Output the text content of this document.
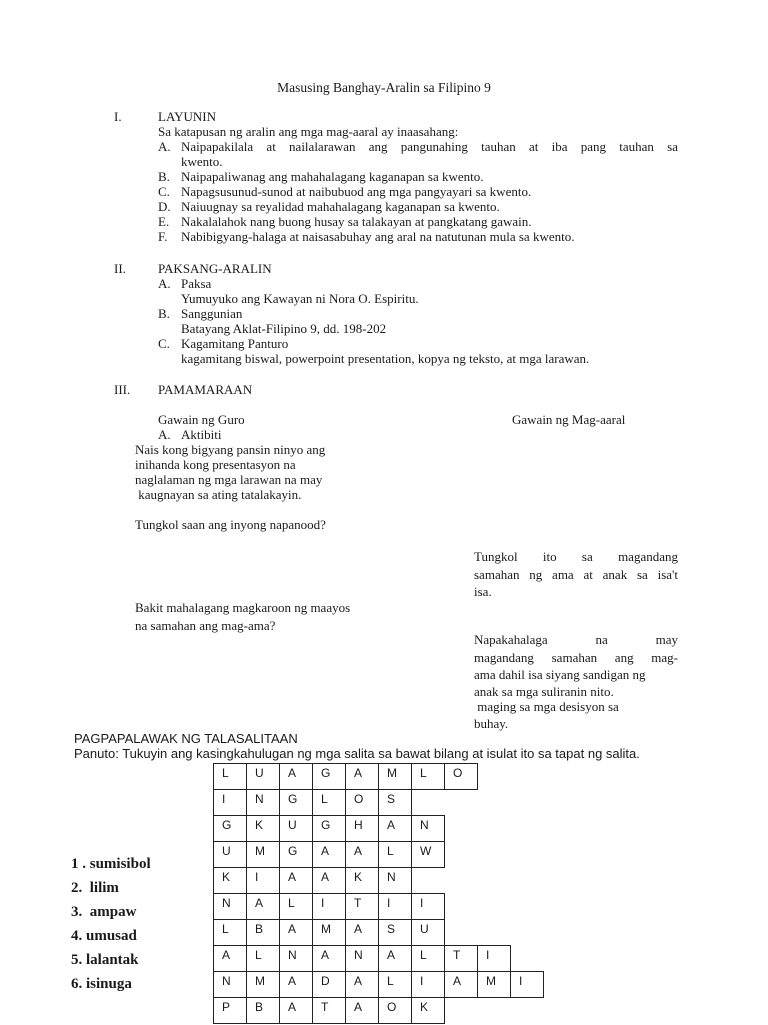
Masusing Banghay-Aralin sa Filipino 9
I.	LAYUNIN
Sa katapusan ng aralin ang mga mag-aaral ay inaasahang:
A. Naipapakilala at nailalarawan ang pangunahing tauhan at iba pang tauhan sa
kwento.
B. Naipapaliwanag ang mahahalagang kaganapan sa kwento.
C. Napagsusunud-sunod at naibubuod ang mga pangyayari sa kwento.
D. Naiuugnay sa reyalidad mahahalagang kaganapan sa kwento.
E. Nakalalahok nang buong husay sa talakayan at pangkatang gawain.
F. Nabibigyang-halaga at naisasabuhay ang aral na natutunan mula sa kwento.
II. PAKSANG-ARALIN
A. Paksa
Yumuyuko ang Kawayan ni Nora O. Espiritu.
B. Sanggunian
Batayang Aklat-Filipino 9, dd. 198-202
C. Kagamitang Panturo
kagamitang biswal, powerpoint presentation, kopya ng teksto, at mga larawan.
III. PAMAMARAAN
Gawain ng Guro	Gawain ng Mag-aaral
A. Aktibiti
Nais kong bigyang pansin ninyo ang
inihanda kong presentasyon na
naglalaman ng mga larawan na may
kaugnayan sa ating tatalakayin.
Tungkol saan ang inyong napanood?
Tungkol ito sa magandang
samahan ng ama at anak sa isa't
isa.
Bakit mahalagang magkaroon ng maayos
na samahan ang mag-ama?
Napakahalaga na may
magandang samahan ang mag-
ama dahil isa siyang sandigan ng
anak sa mga suliranin nito.
maging sa mga desisyon sa
buhay.
PAGPAPALAWAK NG TALASALITAAN
Panuto: Tukuyin ang kasingkahulugan ng mga salita sa bawat bilang at isulat ito sa tapat ng salita.
1 . sumisibol
2.  lilim
3.  ampaw
4. umusad
5. lalantak
6. isinuga
L	U	A	G	A	M	L	O
I	N	G	L	O	S
G	K	U	G	H	A	N
U	M	G	A	A	L	W
K	I	A	A	K	N
N	A	L	I	T	I	I
L	B	A	M	A	S	U
A	L	N	A	N	A	L	T	I
N	M	A	D	A	L	I	A	M	I
P	B	A	T	A	O	K
